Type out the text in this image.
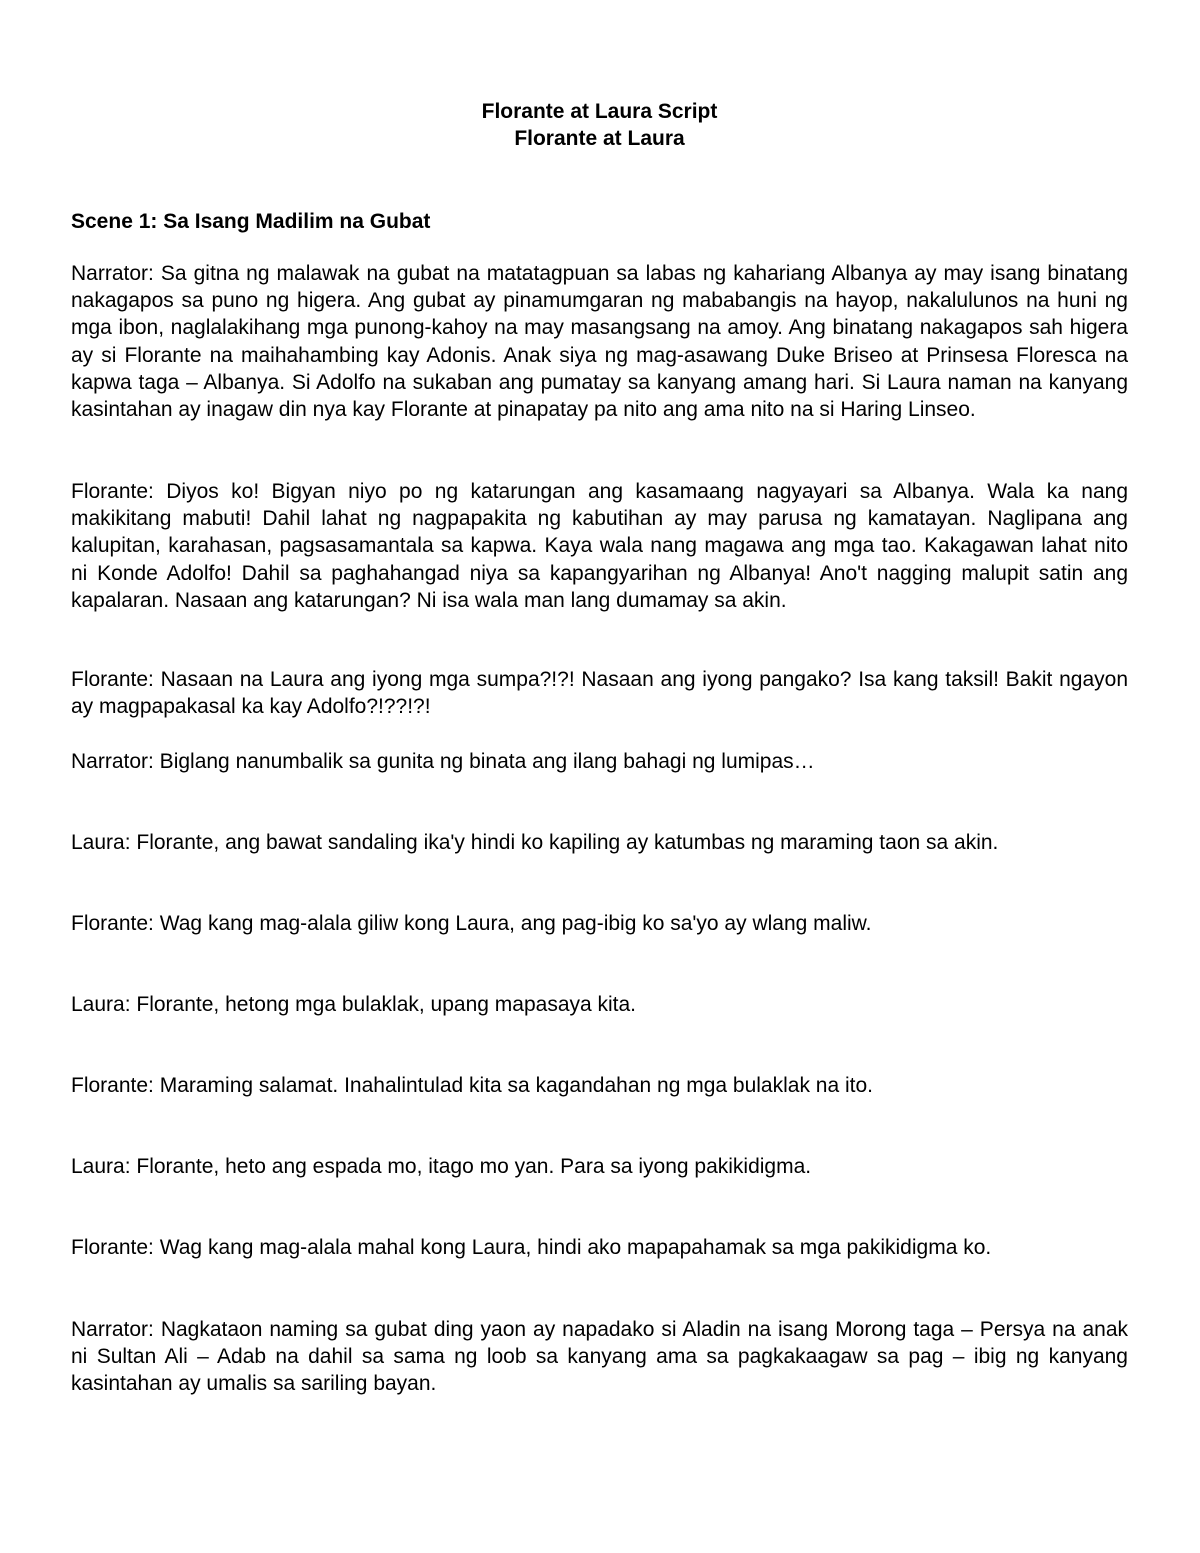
Florante at Laura Script

Florante at Laura

Scene 1: Sa Isang Madilim na Gubat

Narrator: Sa gitna ng malawak na gubat na matatagpuan sa labas ng kahariang Albanya ay may isang binatang nakagapos sa puno ng higera. Ang gubat ay pinamumgaran ng mababangis na hayop, nakalulunos na huni ng mga ibon, naglalakihang mga punong-kahoy na may masangsang na amoy. Ang binatang nakagapos sah higera ay si Florante na maihahambing kay Adonis. Anak siya ng mag-asawang Duke Briseo at Prinsesa Floresca na kapwa taga – Albanya. Si Adolfo na sukaban ang pumatay sa kanyang amang hari. Si Laura naman na kanyang kasintahan ay inagaw din nya kay Florante at pinapatay pa nito ang ama nito na si Haring Linseo.

Florante: Diyos ko! Bigyan niyo po ng katarungan ang kasamaang nagyayari sa Albanya. Wala ka nang makikitang mabuti! Dahil lahat ng nagpapakita ng kabutihan ay may parusa ng kamatayan. Naglipana ang kalupitan, karahasan, pagsasamantala sa kapwa. Kaya wala nang magawa ang mga tao. Kakagawan lahat nito ni Konde Adolfo! Dahil sa paghahangad niya sa kapangyarihan ng Albanya! Ano't nagging malupit satin ang kapalaran. Nasaan ang katarungan? Ni isa wala man lang dumamay sa akin.

Florante: Nasaan na Laura ang iyong mga sumpa?!?! Nasaan ang iyong pangako? Isa kang taksil! Bakit ngayon ay magpapakasal ka kay Adolfo?!??!?!

Narrator: Biglang nanumbalik sa gunita ng binata ang ilang bahagi ng lumipas…

Laura: Florante, ang bawat sandaling ika'y hindi ko kapiling ay katumbas ng maraming taon sa akin.

Florante: Wag kang mag-alala giliw kong Laura, ang pag-ibig ko sa'yo ay wlang maliw.

Laura: Florante, hetong mga bulaklak, upang mapasaya kita.

Florante: Maraming salamat. Inahalintulad kita sa kagandahan ng mga bulaklak na ito.

Laura: Florante, heto ang espada mo, itago mo yan. Para sa iyong pakikidigma.

Florante: Wag kang mag-alala mahal kong Laura, hindi ako mapapahamak sa mga pakikidigma ko.

Narrator: Nagkataon naming sa gubat ding yaon ay napadako si Aladin na isang Morong taga – Persya na anak ni Sultan Ali – Adab na dahil sa sama ng loob sa kanyang ama sa pagkakaagaw sa pag – ibig ng kanyang kasintahan ay umalis sa sariling bayan.
